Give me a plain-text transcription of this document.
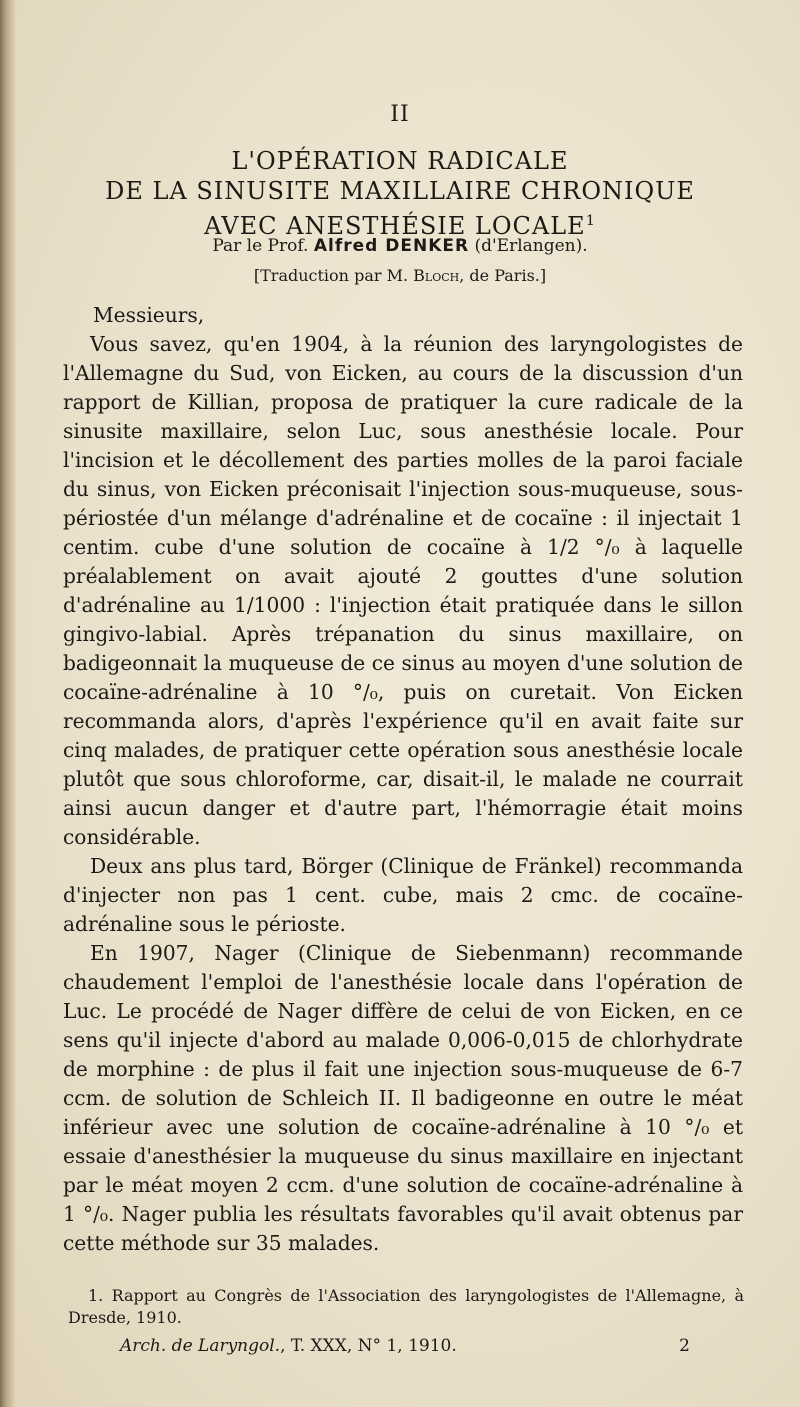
II
L'OPÉRATION RADICALE
DE LA SINUSITE MAXILLAIRE CHRONIQUE
AVEC ANESTHÉSIE LOCALE$^1$
Par le Prof. Alfred DENKER (d'Erlangen).
[Traduction par M. Bloch, de Paris.]

Messieurs,

Vous savez, qu'en 1904, à la réunion des laryngologistes de l'Allemagne du Sud, von Eicken, au cours de la discussion d'un rapport de Killian, proposa de pratiquer la cure radicale de la sinusite maxillaire, selon Luc, sous anesthésie locale. Pour l'incision et le décollement des parties molles de la paroi faciale du sinus, von Eicken préconisait l'injection sous-muqueuse, sous-périostée d'un mélange d'adrénaline et de cocaïne : il injectait 1 centim. cube d'une solution de cocaïne à 1/2 °/₀ à laquelle préalablement on avait ajouté 2 gouttes d'une solution d'adrénaline au 1/1000 : l'injection était pratiquée dans le sillon gingivo-labial. Après trépanation du sinus maxillaire, on badigeonnait la muqueuse de ce sinus au moyen d'une solution de cocaïne-adrénaline à 10 °/₀, puis on curetait. Von Eicken recommanda alors, d'après l'expérience qu'il en avait faite sur cinq malades, de pratiquer cette opération sous anesthésie locale plutôt que sous chloroforme, car, disait-il, le malade ne courrait ainsi aucun danger et d'autre part, l'hémorragie était moins considérable.

Deux ans plus tard, Börger (Clinique de Fränkel) recommanda d'injecter non pas 1 cent. cube, mais 2 cmc. de cocaïne-adrénaline sous le périoste.

En 1907, Nager (Clinique de Siebenmann) recommande chaudement l'emploi de l'anesthésie locale dans l'opération de Luc. Le procédé de Nager diffère de celui de von Eicken, en ce sens qu'il injecte d'abord au malade 0,006-0,015 de chlorhydrate de morphine : de plus il fait une injection sous-muqueuse de 6-7 ccm. de solution de Schleich II. Il badigeonne en outre le méat inférieur avec une solution de cocaïne-adrénaline à 10 °/₀ et essaie d'anesthésier la muqueuse du sinus maxillaire en injectant par le méat moyen 2 ccm. d'une solution de cocaïne-adrénaline à 1 °/₀. Nager publia les résultats favorables qu'il avait obtenus par cette méthode sur 35 malades.

1. Rapport au Congrès de l'Association des laryngologistes de l'Allemagne, à Dresde, 1910.

Arch. de Laryngol., T. XXX, N° 1, 1910.	2
